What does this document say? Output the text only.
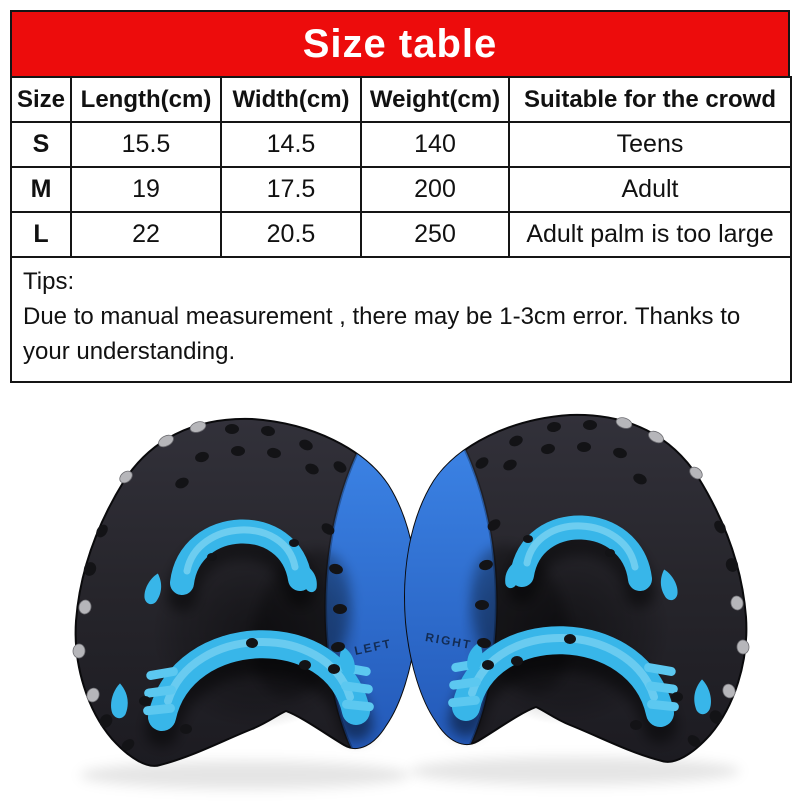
Size table
Size	Length(cm)	Width(cm)	Weight(cm)	Suitable for the crowd
S	15.5	14.5	140	Teens
M	19	17.5	200	Adult
L	22	20.5	250	Adult palm is too large
Tips:
Due to manual measurement , there may be 1-3cm error. Thanks to your understanding.
LEFT	RIGHT
